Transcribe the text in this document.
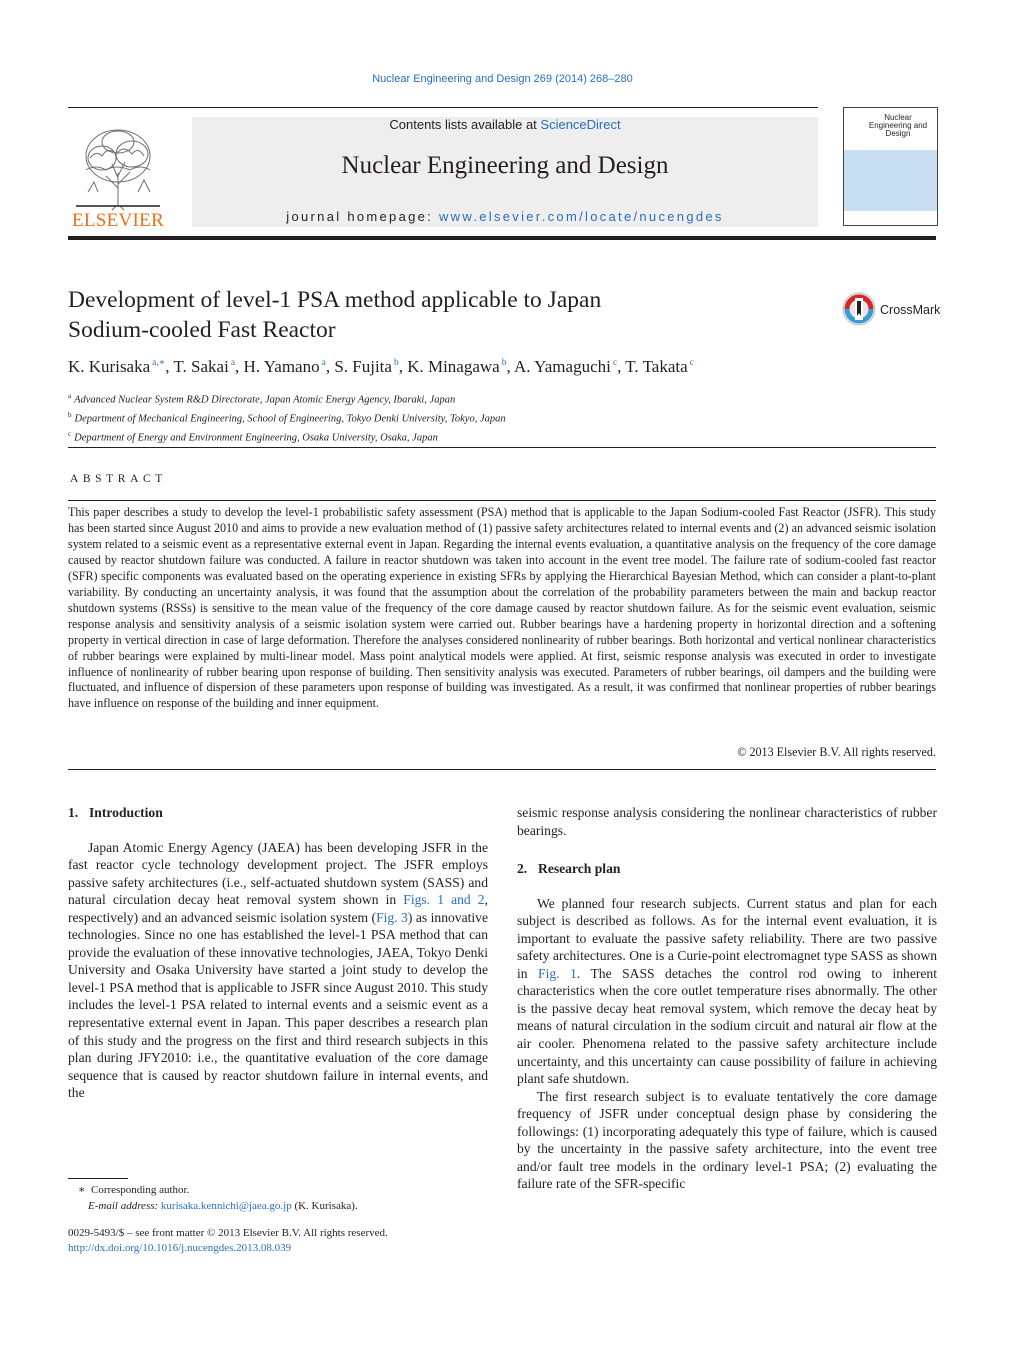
Nuclear Engineering and Design 269 (2014) 268–280
ELSEVIER
Contents lists available at ScienceDirect
Nuclear Engineering and Design
journal homepage: www.elsevier.com/locate/nucengdes
Nuclear Engineering and Design
Development of level-1 PSA method applicable to Japan
Sodium-cooled Fast Reactor
CrossMark
K. Kurisaka $^{a,∗}$, T. Sakai $^a$, H. Yamano $^a$, S. Fujita $^b$, K. Minagawa $^b$, A. Yamaguchi $^c$, T. Takata $^c$
$^a$ Advanced Nuclear System R&D Directorate, Japan Atomic Energy Agency, Ibaraki, Japan
$^b$ Department of Mechanical Engineering, School of Engineering, Tokyo Denki University, Tokyo, Japan
$^c$ Department of Energy and Environment Engineering, Osaka University, Osaka, Japan
ABSTRACT
This paper describes a study to develop the level-1 probabilistic safety assessment (PSA) method that is applicable to the Japan Sodium-cooled Fast Reactor (JSFR). This study has been started since August 2010 and aims to provide a new evaluation method of (1) passive safety architectures related to internal events and (2) an advanced seismic isolation system related to a seismic event as a representative external event in Japan. Regarding the internal events evaluation, a quantitative analysis on the frequency of the core damage caused by reactor shutdown failure was conducted. A failure in reactor shutdown was taken into account in the event tree model. The failure rate of sodium-cooled fast reactor (SFR) specific components was evaluated based on the operating experience in existing SFRs by applying the Hierarchical Bayesian Method, which can consider a plant-to-plant variability. By conducting an uncertainty analysis, it was found that the assumption about the correlation of the probability parameters between the main and backup reactor shutdown systems (RSSs) is sensitive to the mean value of the frequency of the core damage caused by reactor shutdown failure. As for the seismic event evaluation, seismic response analysis and sensitivity analysis of a seismic isolation system were carried out. Rubber bearings have a hardening property in horizontal direction and a softening property in vertical direction in case of large deformation. Therefore the analyses considered nonlinearity of rubber bearings. Both horizontal and vertical nonlinear characteristics of rubber bearings were explained by multi-linear model. Mass point analytical models were applied. At first, seismic response analysis was executed in order to investigate influence of nonlinearity of rubber bearing upon response of building. Then sensitivity analysis was executed. Parameters of rubber bearings, oil dampers and the building were fluctuated, and influence of dispersion of these parameters upon response of building was investigated. As a result, it was confirmed that nonlinear properties of rubber bearings have influence on response of the building and inner equipment.
© 2013 Elsevier B.V. All rights reserved.
1. Introduction

Japan Atomic Energy Agency (JAEA) has been developing JSFR in the fast reactor cycle technology development project. The JSFR employs passive safety architectures (i.e., self-actuated shutdown system (SASS) and natural circulation decay heat removal system shown in Figs. 1 and 2, respectively) and an advanced seismic isolation system (Fig. 3) as innovative technologies. Since no one has established the level-1 PSA method that can provide the evaluation of these innovative technologies, JAEA, Tokyo Denki University and Osaka University have started a joint study to develop the level-1 PSA method that is applicable to JSFR since August 2010. This study includes the level-1 PSA related to internal events and a seismic event as a representative external event in Japan. This paper describes a research plan of this study and the progress on the first and third research subjects in this plan during JFY2010: i.e., the quantitative evaluation of the core damage sequence that is caused by reactor shutdown failure in internal events, and the

seismic response analysis considering the nonlinear characteristics of rubber bearings.

2. Research plan

We planned four research subjects. Current status and plan for each subject is described as follows. As for the internal event evaluation, it is important to evaluate the passive safety reliability. There are two passive safety architectures. One is a Curie-point electromagnet type SASS as shown in Fig. 1. The SASS detaches the control rod owing to inherent characteristics when the core outlet temperature rises abnormally. The other is the passive decay heat removal system, which remove the decay heat by means of natural circulation in the sodium circuit and natural air flow at the air cooler. Phenomena related to the passive safety architecture include uncertainty, and this uncertainty can cause possibility of failure in achieving plant safe shutdown.

The first research subject is to evaluate tentatively the core damage frequency of JSFR under conceptual design phase by considering the followings: (1) incorporating adequately this type of failure, which is caused by the uncertainty in the passive safety architecture, into the event tree and/or fault tree models in the ordinary level-1 PSA; (2) evaluating the failure rate of the SFR-specific

∗ Corresponding author.
E-mail address: kurisaka.kennichi@jaea.go.jp (K. Kurisaka).
0029-5493/$ – see front matter © 2013 Elsevier B.V. All rights reserved.
http://dx.doi.org/10.1016/j.nucengdes.2013.08.039
